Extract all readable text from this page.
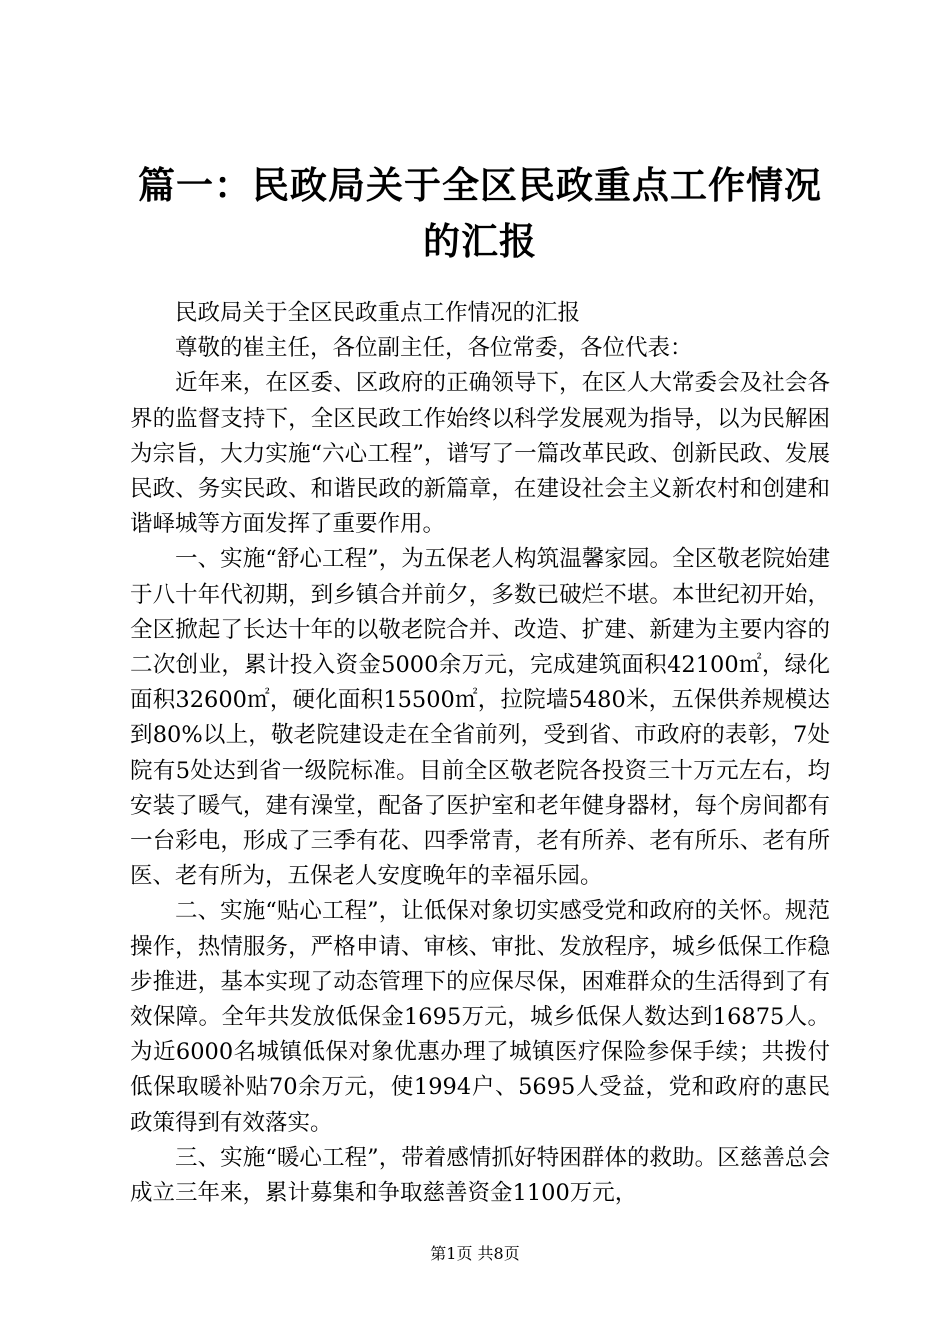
篇一：民政局关于全区民政重点工作情况的汇报

民政局关于全区民政重点工作情况的汇报

尊敬的崔主任，各位副主任，各位常委，各位代表：

近年来，在区委、区政府的正确领导下，在区人大常委会及社会各界的监督支持下，全区民政工作始终以科学发展观为指导，以为民解困为宗旨，大力实施“六心工程”，谱写了一篇改革民政、创新民政、发展民政、务实民政、和谐民政的新篇章，在建设社会主义新农村和创建和谐峄城等方面发挥了重要作用。

一、实施“舒心工程”，为五保老人构筑温馨家园。全区敬老院始建于八十年代初期，到乡镇合并前夕，多数已破烂不堪。本世纪初开始，全区掀起了长达十年的以敬老院合并、改造、扩建、新建为主要内容的二次创业，累计投入资金5000余万元，完成建筑面积42100㎡，绿化面积32600㎡，硬化面积15500㎡，拉院墙5480米，五保供养规模达到80%以上，敬老院建设走在全省前列，受到省、市政府的表彰，7处院有5处达到省一级院标准。目前全区敬老院各投资三十万元左右，均安装了暖气，建有澡堂，配备了医护室和老年健身器材，每个房间都有一台彩电，形成了三季有花、四季常青，老有所养、老有所乐、老有所医、老有所为，五保老人安度晚年的幸福乐园。

二、实施“贴心工程”，让低保对象切实感受党和政府的关怀。规范操作，热情服务，严格申请、审核、审批、发放程序，城乡低保工作稳步推进，基本实现了动态管理下的应保尽保，困难群众的生活得到了有效保障。全年共发放低保金1695万元，城乡低保人数达到16875人。为近6000名城镇低保对象优惠办理了城镇医疗保险参保手续；共拨付低保取暖补贴70余万元，使1994户、5695人受益，党和政府的惠民政策得到有效落实。

三、实施“暖心工程”，带着感情抓好特困群体的救助。区慈善总会成立三年来，累计募集和争取慈善资金1100万元，

第1页 共8页
